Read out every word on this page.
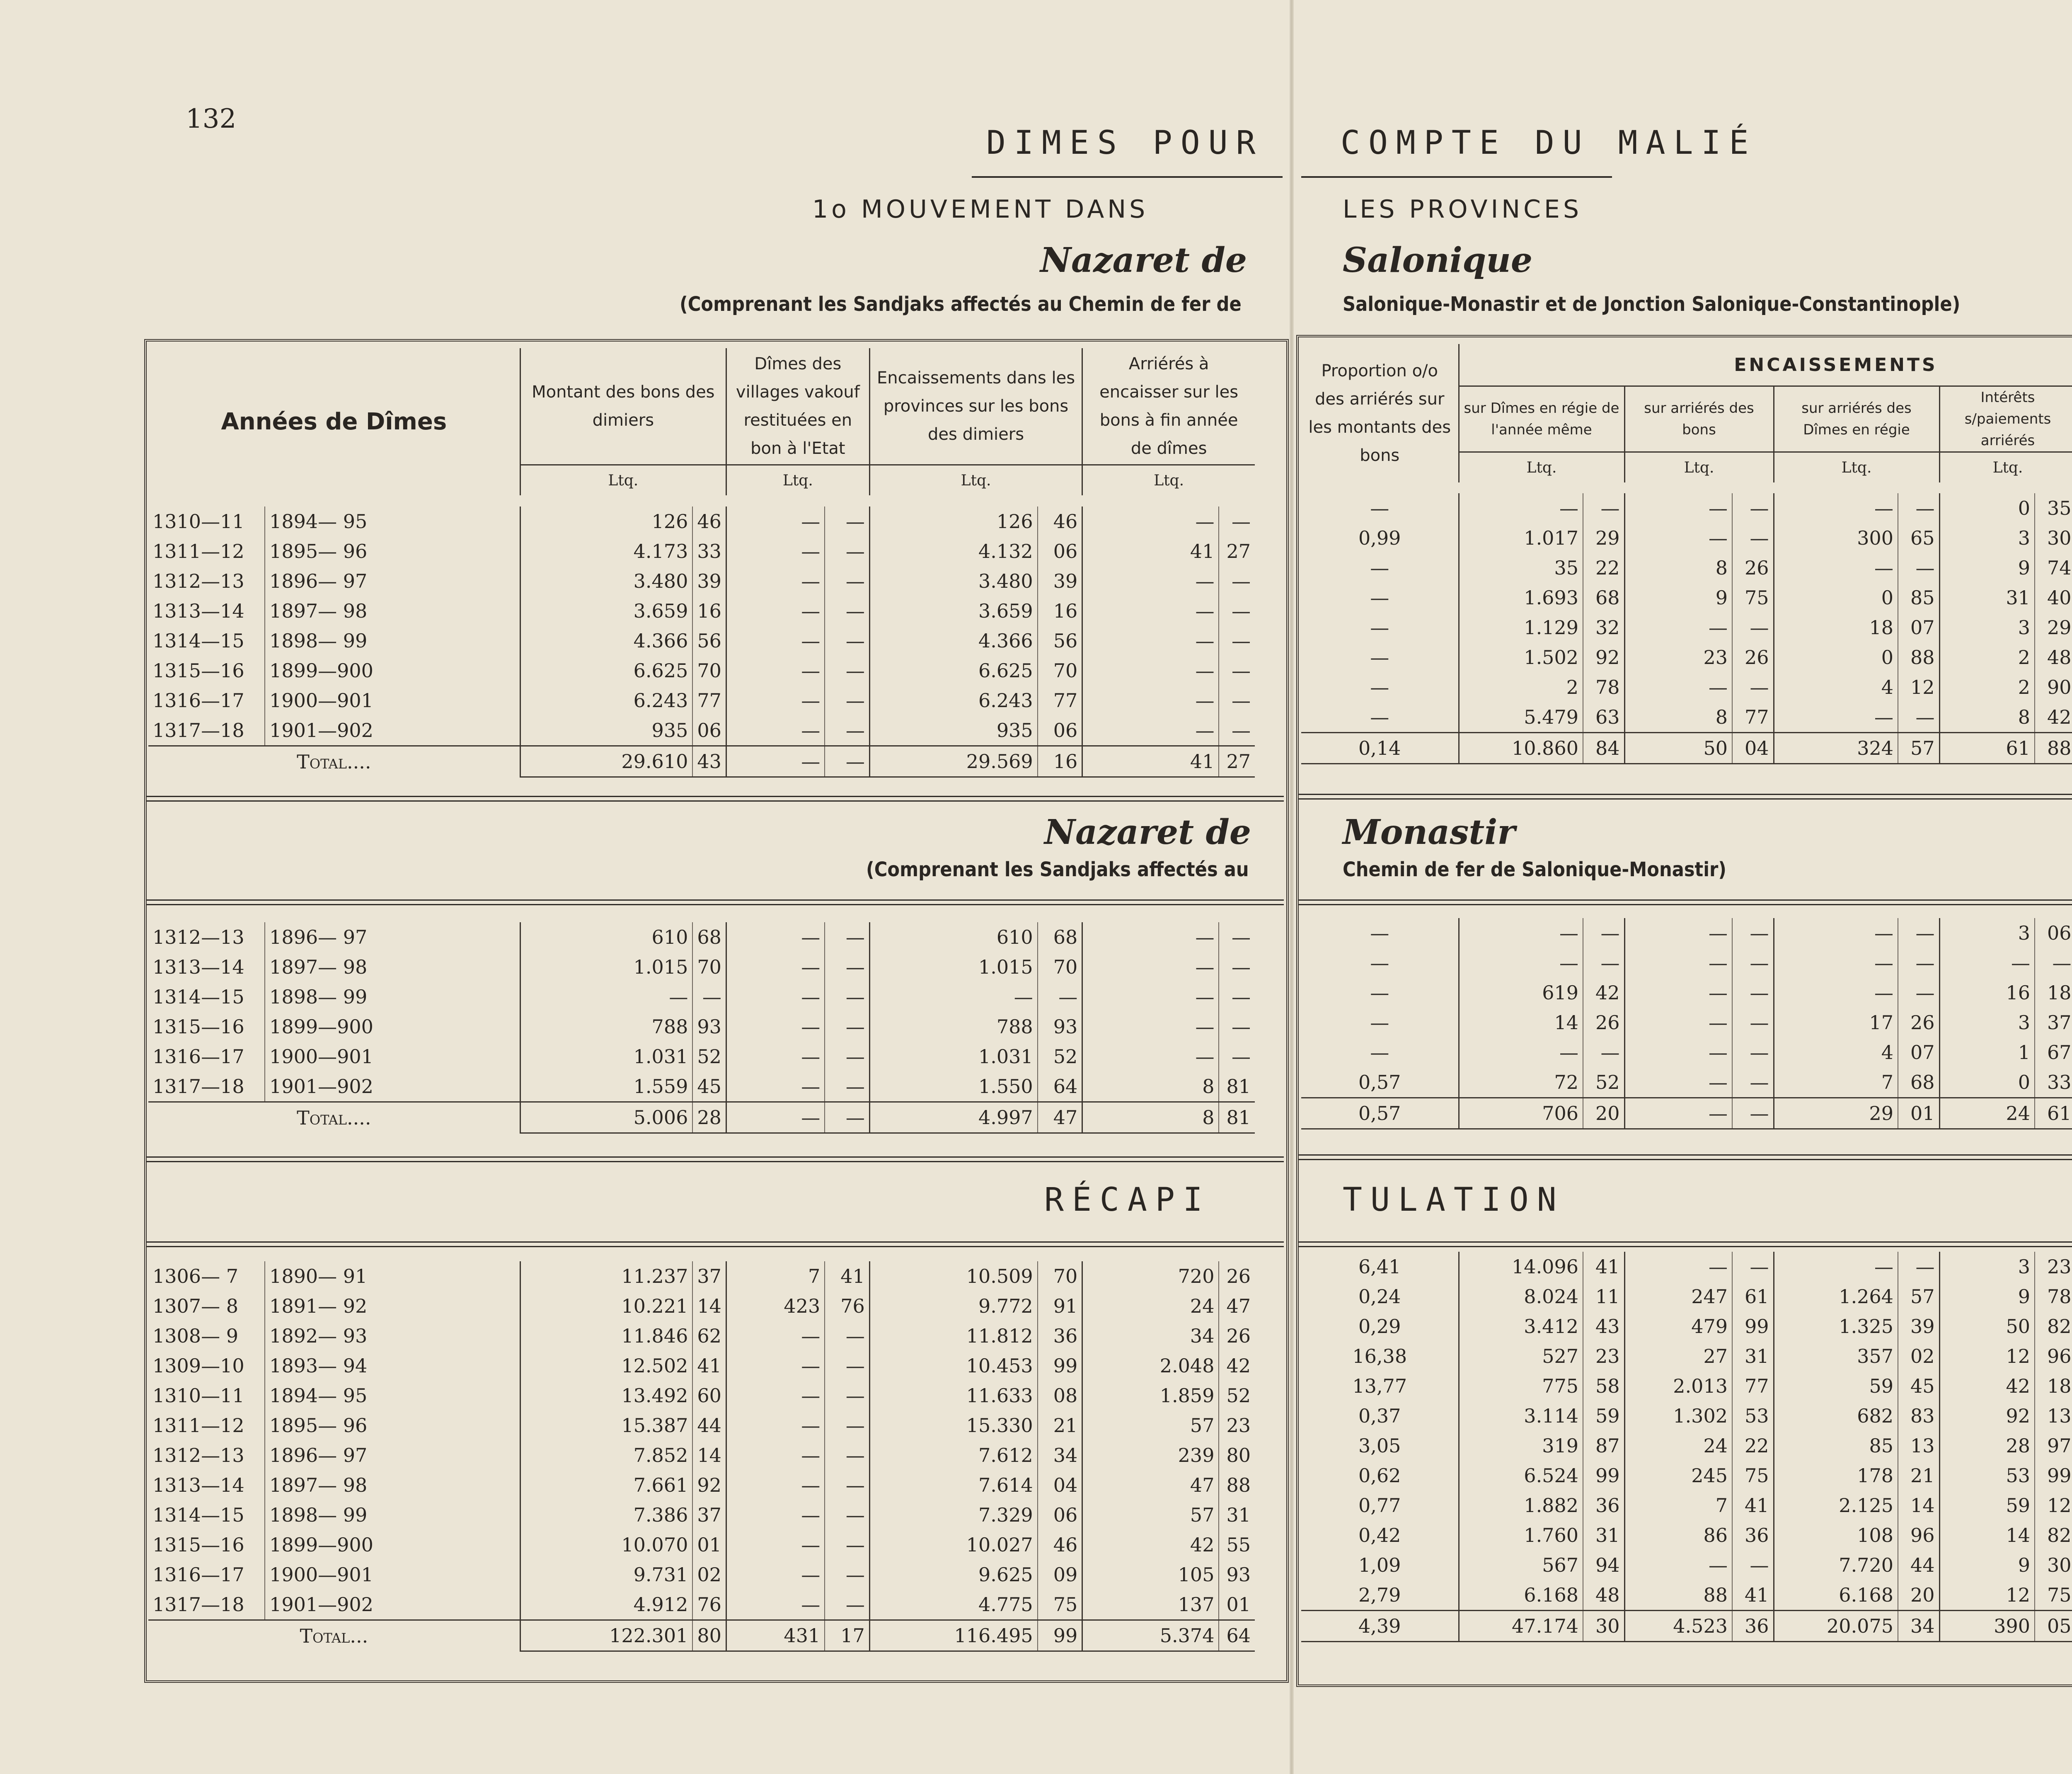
132
DIMES POUR COMPTE DU MALIÉ
1o MOUVEMENT DANS	LES PROVINCES
Nazaret de	Salonique
(Comprenant les Sandjaks affectés au Chemin de fer de	Salonique-Monastir et de Jonction Salonique-Constantinople)
Nazaret de	Monastir
(Comprenant les Sandjaks affectés au	Chemin de fer de Salonique-Monastir)
RÉCAPI	TULATION
Années de Dîmes	Montant des bons des dimiers	Dîmes des villages vakouf restituées en bon à l'Etat	Encaissements dans les provinces sur les bons des dimiers	Arriérés à encaisser sur les bons à fin année de dîmes
	Ltq.	Ltq.	Ltq.	Ltq.
Proportion o/o des arriérés sur les montants des bons	ENCAISSEMENTS	
	sur Dîmes en régie de l'année même	sur arriérés des bons	sur arriérés des Dîmes en régie	Intérêts s/paiements arriérés	
	Ltq.	Ltq.	Ltq.	Ltq.		
1310—11	1894— 95	126	46	—	—	126	46	—	—
1311—12	1895— 96	4.173	33	—	—	4.132	06	41	27
1312—13	1896— 97	3.480	39	—	—	3.480	39	—	—
1313—14	1897— 98	3.659	16	—	—	3.659	16	—	—
1314—15	1898— 99	4.366	56	—	—	4.366	56	—	—
1315—16	1899—900	6.625	70	—	—	6.625	70	—	—
1316—17	1900—901	6.243	77	—	—	6.243	77	—	—
1317—18	1901—902	935	06	—	—	935	06	—	—
Total....		29.610	43	—	—	29.569	16	41	27
—	—	—	—	—	—	—	0	35				
0,99	1.017	29	—	—	300	65	3	30				
—	35	22	8	26	—	—	9	74				
—	1.693	68	9	75	0	85	31	40				
—	1.129	32	—	—	18	07	3	29				
—	1.502	92	23	26	0	88	2	48				
—	2	78	—	—	4	12	2	90				
—	5.479	63	8	77	—	—	8	42				
0,14	10.860	84	50	04	324	57	61	88				
1312—13	1896— 97	610	68	—	—	610	68	—	—
1313—14	1897— 98	1.015	70	—	—	1.015	70	—	—
1314—15	1898— 99	—	—	—	—	—	—	—	—
1315—16	1899—900	788	93	—	—	788	93	—	—
1316—17	1900—901	1.031	52	—	—	1.031	52	—	—
1317—18	1901—902	1.559	45	—	—	1.550	64	8	81
Total....		5.006	28	—	—	4.997	47	8	81
—	—	—	—	—	—	—	3	06				
—	—	—	—	—	—	—	—	—				
—	619	42	—	—	—	—	16	18				
—	14	26	—	—	17	26	3	37				
—	—	—	—	—	4	07	1	67				
0,57	72	52	—	—	7	68	0	33				
0,57	706	20	—	—	29	01	24	61				
1306— 7	1890— 91	11.237	37	7	41	10.509	70	720	26
1307— 8	1891— 92	10.221	14	423	76	9.772	91	24	47
1308— 9	1892— 93	11.846	62	—	—	11.812	36	34	26
1309—10	1893— 94	12.502	41	—	—	10.453	99	2.048	42
1310—11	1894— 95	13.492	60	—	—	11.633	08	1.859	52
1311—12	1895— 96	15.387	44	—	—	15.330	21	57	23
1312—13	1896— 97	7.852	14	—	—	7.612	34	239	80
1313—14	1897— 98	7.661	92	—	—	7.614	04	47	88
1314—15	1898— 99	7.386	37	—	—	7.329	06	57	31
1315—16	1899—900	10.070	01	—	—	10.027	46	42	55
1316—17	1900—901	9.731	02	—	—	9.625	09	105	93
1317—18	1901—902	4.912	76	—	—	4.775	75	137	01
Total...		122.301	80	431	17	116.495	99	5.374	64
6,41	14.096	41	—	—	—	—	3	23				
0,24	8.024	11	247	61	1.264	57	9	78				
0,29	3.412	43	479	99	1.325	39	50	82				
16,38	527	23	27	31	357	02	12	96				
13,77	775	58	2.013	77	59	45	42	18				
0,37	3.114	59	1.302	53	682	83	92	13				
3,05	319	87	24	22	85	13	28	97				
0,62	6.524	99	245	75	178	21	53	99				
0,77	1.882	36	7	41	2.125	14	59	12				
0,42	1.760	31	86	36	108	96	14	82				
1,09	567	94	—	—	7.720	44	9	30				
2,79	6.168	48	88	41	6.168	20	12	75				
4,39	47.174	30	4.523	36	20.075	34	390	05				
